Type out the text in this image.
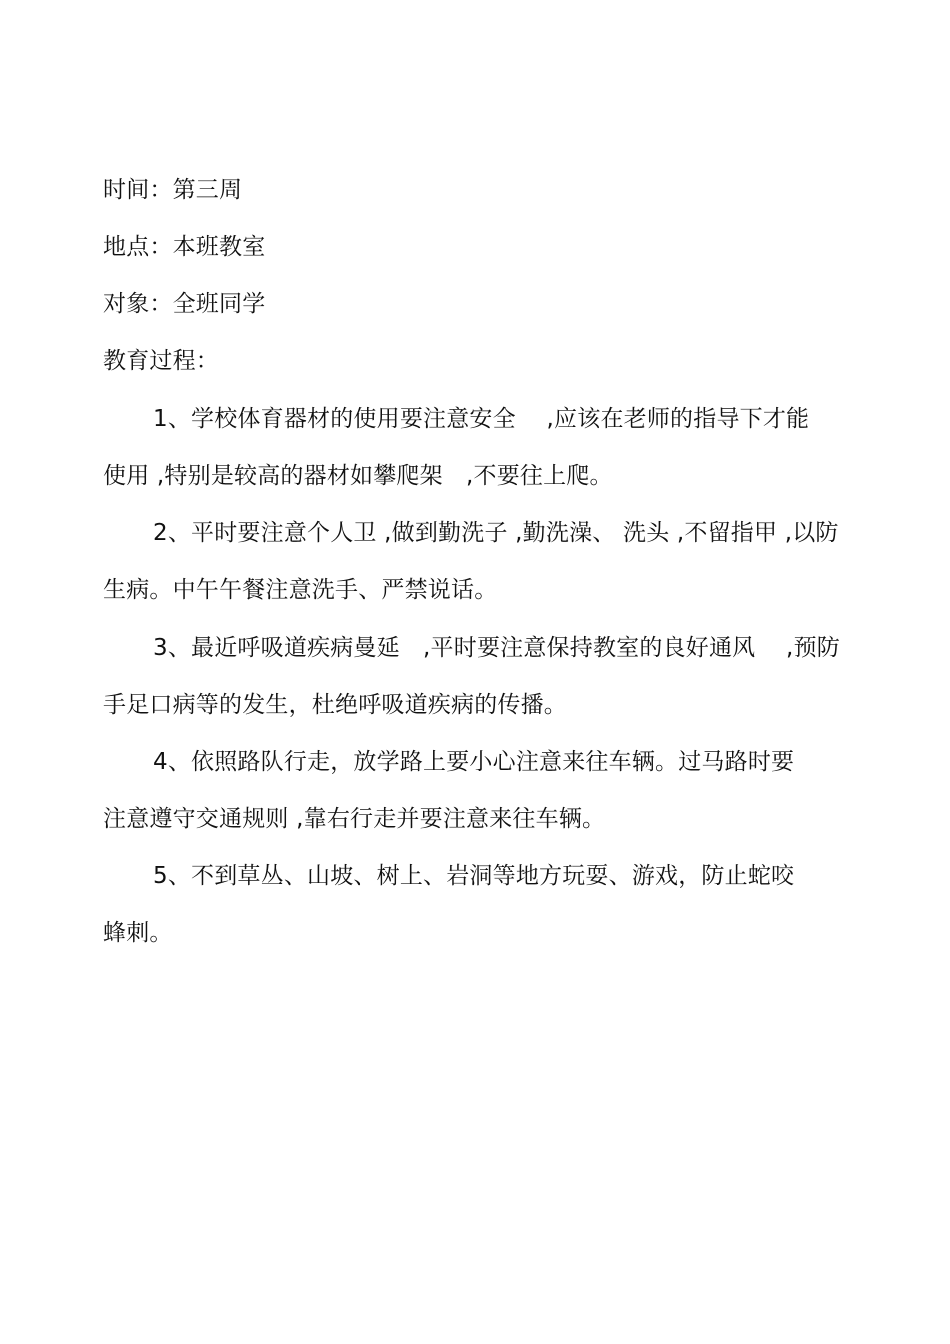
时间：第三周
地点：本班教室
对象：全班同学
教育过程：
1、学校体育器材的使用要注意安全　 ,应该在老师的指导下才能
使用 ,特别是较高的器材如攀爬架　,不要往上爬。
2、平时要注意个人卫 ,做到勤洗子 ,勤洗澡、 洗头 ,不留指甲 ,以防
生病。中午午餐注意洗手、严禁说话。
3、最近呼吸道疾病曼延　,平时要注意保持教室的良好通风　 ,预防
手足口病等的发生，杜绝呼吸道疾病的传播。
4、依照路队行走，放学路上要小心注意来往车辆。过马路时要
注意遵守交通规则 ,靠右行走并要注意来往车辆。
5、不到草丛、山坡、树上、岩洞等地方玩耍、游戏，防止蛇咬
蜂刺。
